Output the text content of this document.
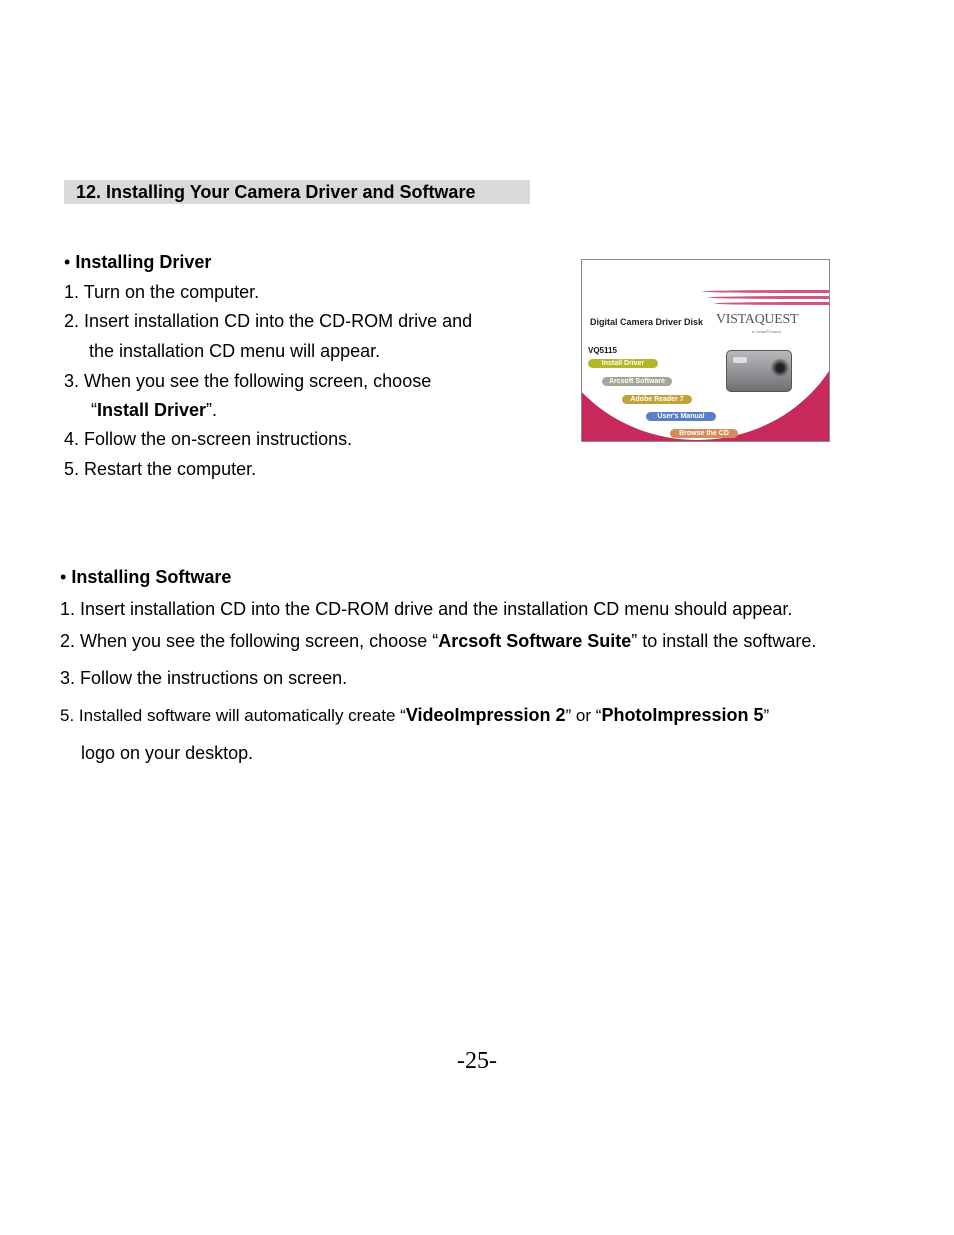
12. Installing Your Camera Driver and Software
• Installing Driver
1. Turn on the computer.
2. Insert installation CD into the CD-ROM drive and
the installation CD menu will appear.
3. When you see the following screen, choose
“Install Driver”.
4. Follow the on-screen instructions.
5. Restart the computer.
Digital Camera Driver Disk VISTAQUEST
a Vivitar® brand
VQ5115
Install Driver
Arcsoft Software
Adobe Reader 7
User's Manual
Browse the CD
• Installing Software
1. Insert installation CD into the CD-ROM drive and the installation CD menu should appear.
2. When you see the following screen, choose “Arcsoft Software Suite” to install the software.
3. Follow the instructions on screen.
5. Installed software will automatically create “VideoImpression 2” or “PhotoImpression 5”
logo on your desktop.
-25-
